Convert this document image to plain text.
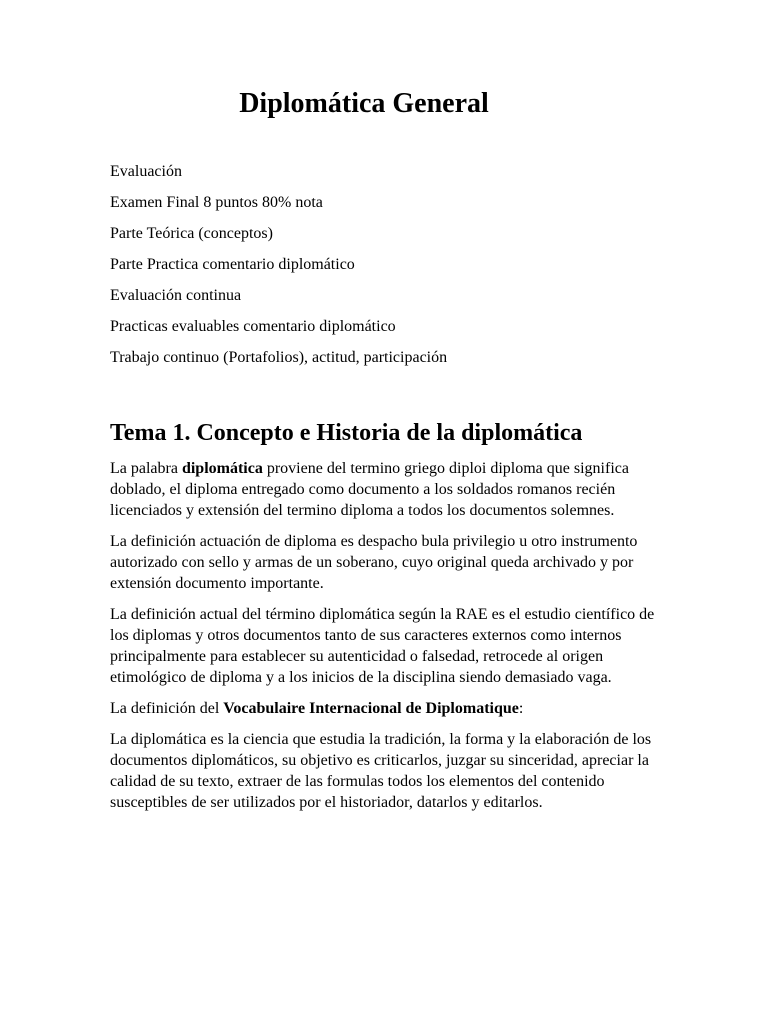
Diplomática General
Evaluación
Examen Final 8 puntos 80% nota
Parte Teórica (conceptos)
Parte Practica comentario diplomático
Evaluación continua
Practicas evaluables comentario diplomático
Trabajo continuo (Portafolios), actitud, participación
Tema 1. Concepto e Historia de la diplomática

La palabra diplomática proviene del termino griego diploi diploma que significa doblado, el diploma entregado como documento a los soldados romanos recién licenciados y extensión del termino diploma a todos los documentos solemnes.

La definición actuación de diploma es despacho bula privilegio u otro instrumento autorizado con sello y armas de un soberano, cuyo original queda archivado y por extensión documento importante.

La definición actual del término diplomática según la RAE es el estudio científico de los diplomas y otros documentos tanto de sus caracteres externos como internos principalmente para establecer su autenticidad o falsedad, retrocede al origen etimológico de diploma y a los inicios de la disciplina siendo demasiado vaga.

La definición del Vocabulaire Internacional de Diplomatique:

La diplomática es la ciencia que estudia la tradición, la forma y la elaboración de los documentos diplomáticos, su objetivo es criticarlos, juzgar su sinceridad, apreciar la calidad de su texto, extraer de las formulas todos los elementos del contenido susceptibles de ser utilizados por el historiador, datarlos y editarlos.
